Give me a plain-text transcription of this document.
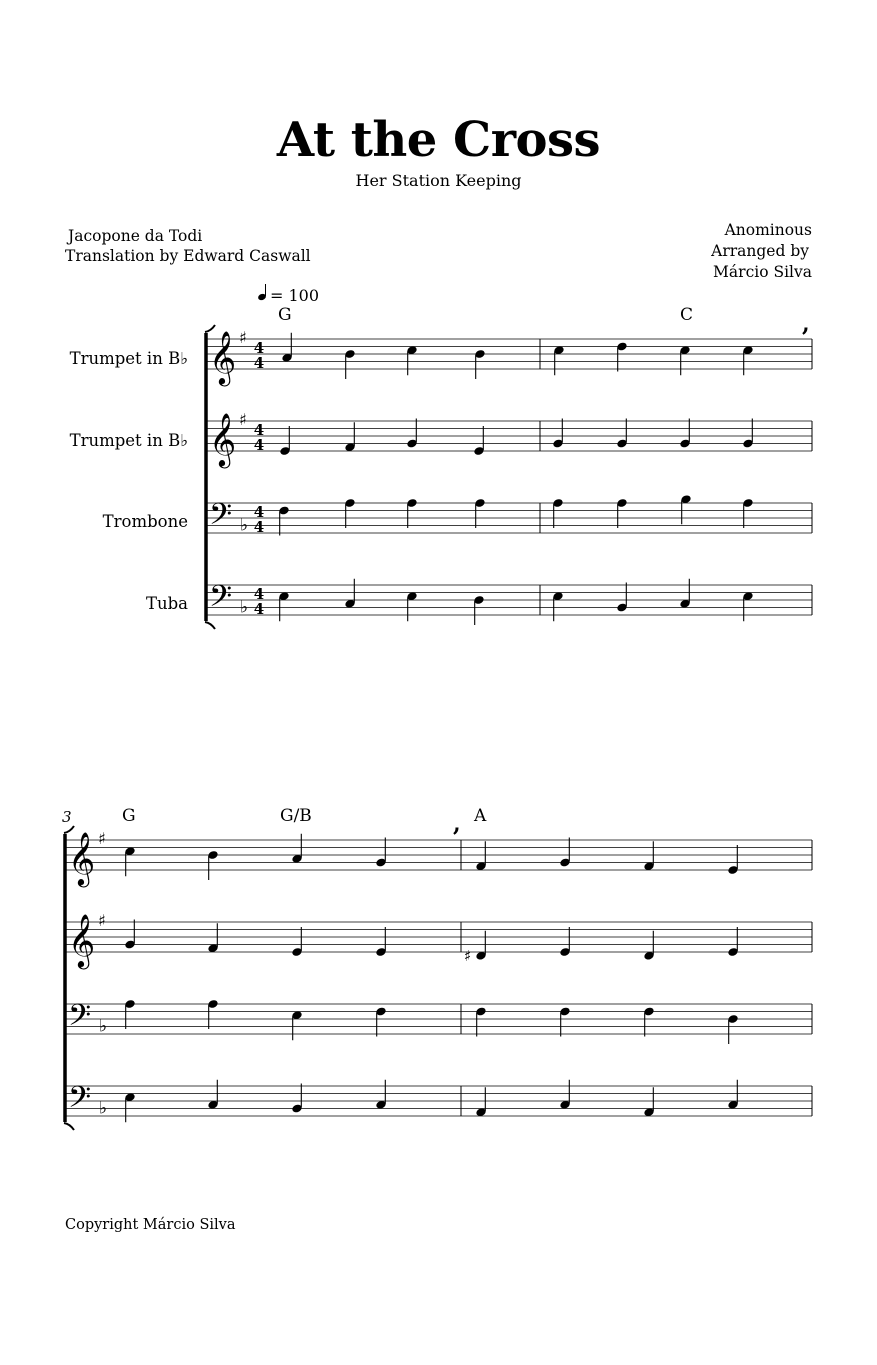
At the Cross
Her Station Keeping
Jacopone da Todi
Translation by Edward Caswall
Anominous
Arranged by
Márcio Silva
Copyright Márcio Silva
Trumpet in B♭
Trumpet in B♭
Trombone
Tuba
= 100
G	C
3	G	G/B	A
,
,
𝄞 ♯
4
4
𝄞 ♯
4
4
𝄢 ♭
4
4
𝄢 ♭
4
4
𝄞 ♯
𝄞 ♯
♯
𝄢 ♭
𝄢 ♭
